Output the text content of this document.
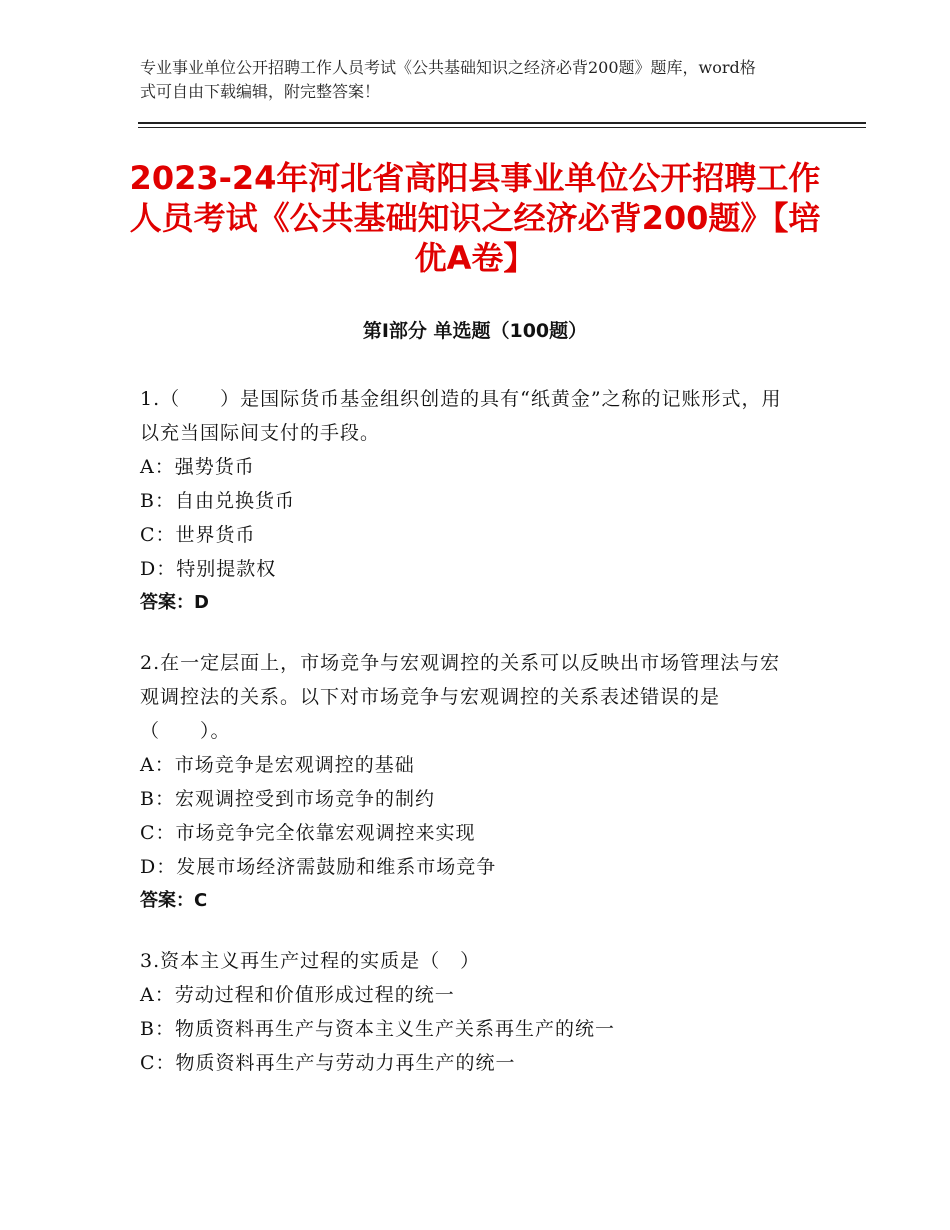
专业事业单位公开招聘工作人员考试《公共基础知识之经济必背200题》题库，word格式可自由下载编辑，附完整答案！
2023-24年河北省高阳县事业单位公开招聘工作人员考试《公共基础知识之经济必背200题》【培优A卷】
第Ⅰ部分 单选题（100题）
1.（　　）是国际货币基金组织创造的具有“纸黄金”之称的记账形式，用以充当国际间支付的手段。
A：强势货币
B：自由兑换货币
C：世界货币
D：特别提款权
答案：D
2.在一定层面上，市场竞争与宏观调控的关系可以反映出市场管理法与宏观调控法的关系。以下对市场竞争与宏观调控的关系表述错误的是（　　）。
A：市场竞争是宏观调控的基础
B：宏观调控受到市场竞争的制约
C：市场竞争完全依靠宏观调控来实现
D：发展市场经济需鼓励和维系市场竞争
答案：C
3.资本主义再生产过程的实质是（　）
A：劳动过程和价值形成过程的统一
B：物质资料再生产与资本主义生产关系再生产的统一
C：物质资料再生产与劳动力再生产的统一
